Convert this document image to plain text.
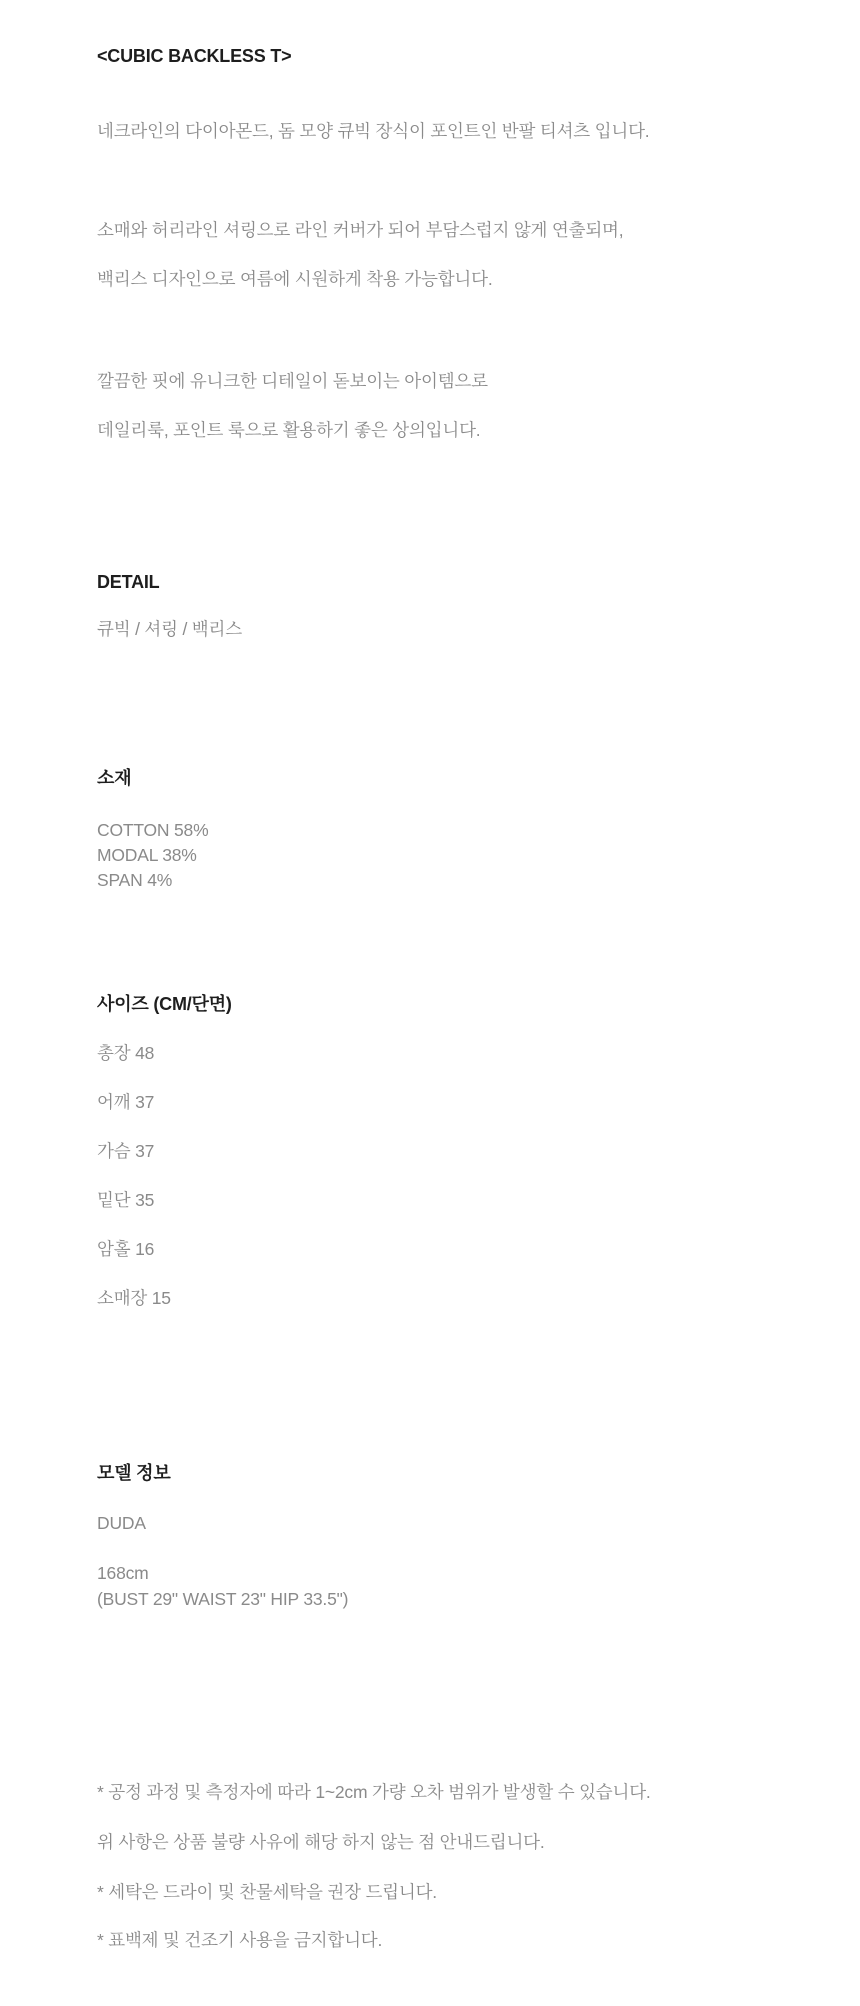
<CUBIC BACKLESS T>

네크라인의 다이아몬드, 돔 모양 큐빅 장식이 포인트인 반팔 티셔츠 입니다.

소매와 허리라인 셔링으로 라인 커버가 되어 부담스럽지 않게 연출되며,

백리스 디자인으로 여름에 시원하게 착용 가능합니다.

깔끔한 핏에 유니크한 디테일이 돋보이는 아이템으로

데일리룩, 포인트 룩으로 활용하기 좋은 상의입니다.

DETAIL

큐빅 / 셔링 / 백리스

소재
COTTON 58%
MODAL 38%
SPAN 4%
사이즈 (CM/단면)

총장 48

어깨 37

가슴 37

밑단 35

암홀 16

소매장 15

모델 정보

DUDA

168cm
(BUST 29" WAIST 23" HIP 33.5")

* 공정 과정 및 측정자에 따라 1~2cm 가량 오차 범위가 발생할 수 있습니다.

위 사항은 상품 불량 사유에 해당 하지 않는 점 안내드립니다.

* 세탁은 드라이 및 찬물세탁을 권장 드립니다.

* 표백제 및 건조기 사용을 금지합니다.
